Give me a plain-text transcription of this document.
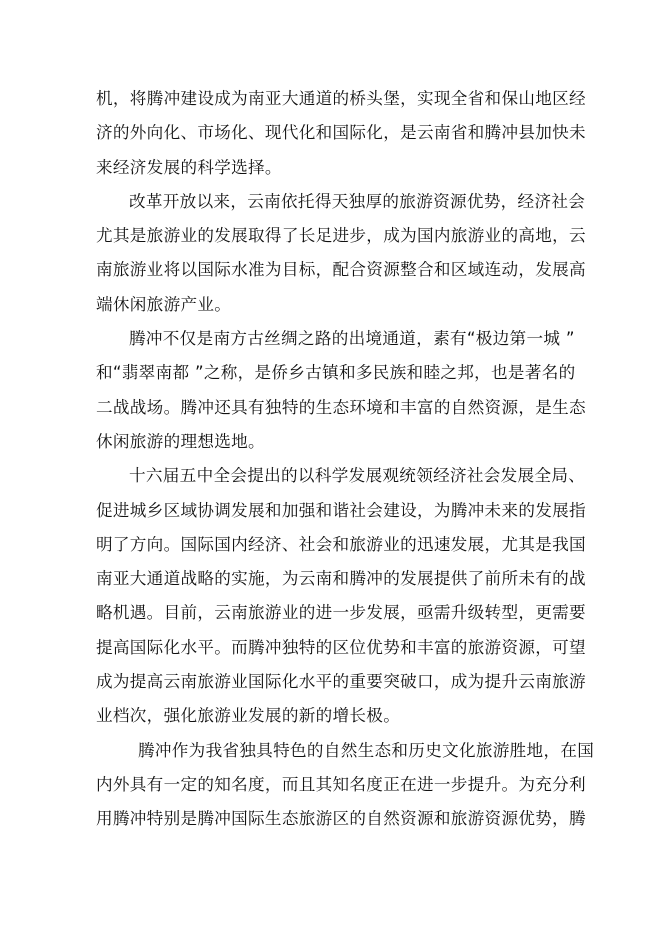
机，将腾冲建设成为南亚大通道的桥头堡，实现全省和保山地区经
济的外向化、市场化、现代化和国际化，是云南省和腾冲县加快未
来经济发展的科学选择。

改革开放以来，云南依托得天独厚的旅游资源优势，经济社会
尤其是旅游业的发展取得了长足进步，成为国内旅游业的高地，云
南旅游业将以国际水准为目标，配合资源整合和区域连动，发展高
端休闲旅游产业。

腾冲不仅是南方古丝绸之路的出境通道，素有“极边第一城 ”
和“翡翠南都 ”之称，是侨乡古镇和多民族和睦之邦，也是著名的
二战战场。腾冲还具有独特的生态环境和丰富的自然资源，是生态
休闲旅游的理想选地。

十六届五中全会提出的以科学发展观统领经济社会发展全局、
促进城乡区域协调发展和加强和谐社会建设，为腾冲未来的发展指
明了方向。国际国内经济、社会和旅游业的迅速发展，尤其是我国
南亚大通道战略的实施，为云南和腾冲的发展提供了前所未有的战
略机遇。目前，云南旅游业的进一步发展，亟需升级转型，更需要
提高国际化水平。而腾冲独特的区位优势和丰富的旅游资源，可望
成为提高云南旅游业国际化水平的重要突破口，成为提升云南旅游
业档次，强化旅游业发展的新的增长极。

腾冲作为我省独具特色的自然生态和历史文化旅游胜地，在国
内外具有一定的知名度，而且其知名度正在进一步提升。为充分利
用腾冲特别是腾冲国际生态旅游区的自然资源和旅游资源优势，腾
